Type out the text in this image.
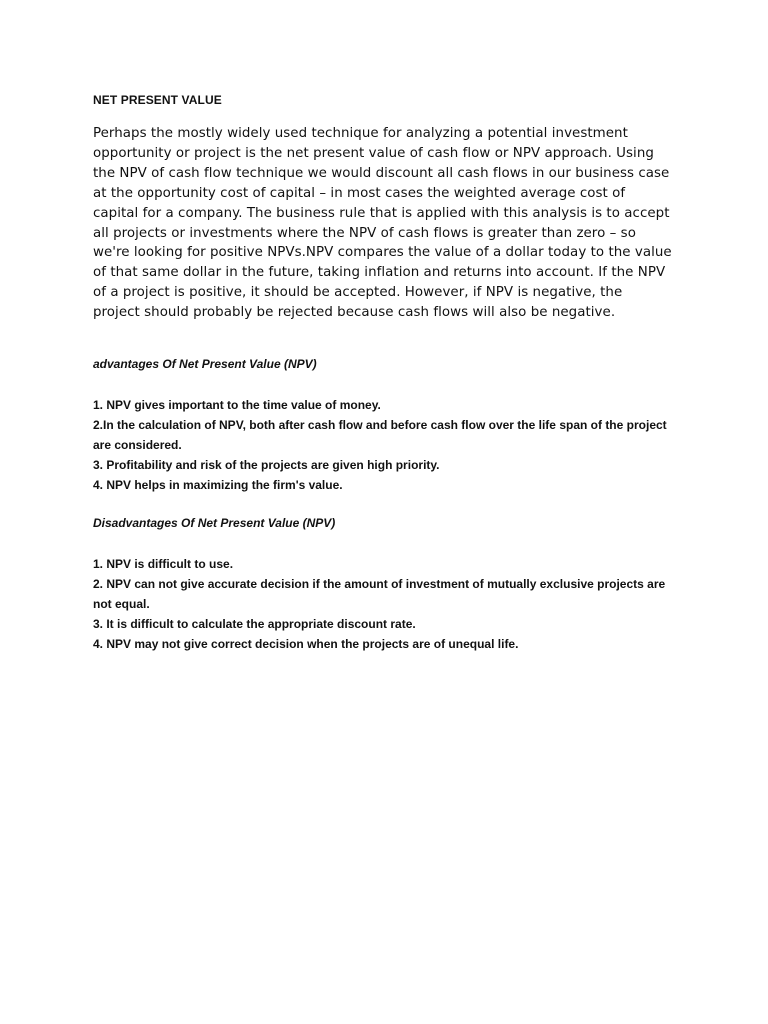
NET PRESENT VALUE

Perhaps the mostly widely used technique for analyzing a potential investment opportunity or project is the net present value of cash flow or NPV approach. Using the NPV of cash flow technique we would discount all cash flows in our business case at the opportunity cost of capital – in most cases the weighted average cost of capital for a company. The business rule that is applied with this analysis is to accept all projects or investments where the NPV of cash flows is greater than zero – so we're looking for positive NPVs.NPV compares the value of a dollar today to the value of that same dollar in the future, taking inflation and returns into account. If the NPV of a project is positive, it should be accepted. However, if NPV is negative, the project should probably be rejected because cash flows will also be negative.

advantages Of Net Present Value (NPV)
1. NPV gives important to the time value of money.
2.In the calculation of NPV, both after cash flow and before cash flow over the life span of the project are considered.
3. Profitability and risk of the projects are given high priority.
4. NPV helps in maximizing the firm's value.
Disadvantages Of Net Present Value (NPV)
1. NPV is difficult to use.
2. NPV can not give accurate decision if the amount of investment of mutually exclusive projects are not equal.
3. It is difficult to calculate the appropriate discount rate.
4. NPV may not give correct decision when the projects are of unequal life.
